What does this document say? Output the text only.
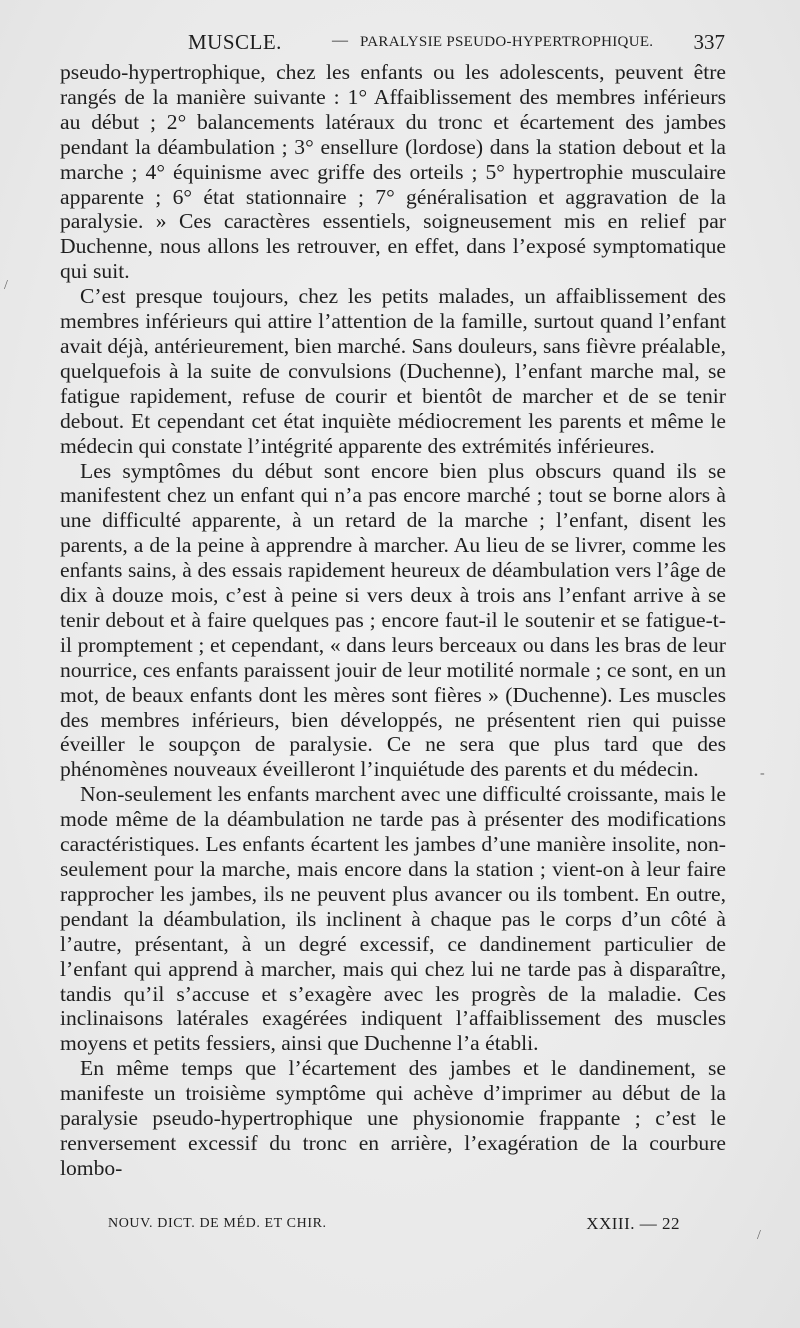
MUSCLE.	— PARALYSIE PSEUDO-HYPERTROPHIQUE. 337

pseudo-hypertrophique, chez les enfants ou les adolescents, peuvent être rangés de la manière suivante : 1° Affaiblissement des membres inférieurs au début ; 2° balancements latéraux du tronc et écartement des jambes pendant la déambulation ; 3° ensellure (lordose) dans la station debout et la marche ; 4° équinisme avec griffe des orteils ; 5° hypertrophie musculaire apparente ; 6° état stationnaire ; 7° généralisation et aggravation de la paralysie. » Ces caractères essentiels, soigneusement mis en relief par Duchenne, nous allons les retrouver, en effet, dans l’exposé symptomatique qui suit.

C’est presque toujours, chez les petits malades, un affaiblissement des membres inférieurs qui attire l’attention de la famille, surtout quand l’enfant avait déjà, antérieurement, bien marché. Sans douleurs, sans fièvre préalable, quelquefois à la suite de convulsions (Duchenne), l’enfant marche mal, se fatigue rapidement, refuse de courir et bientôt de marcher et de se tenir debout. Et cependant cet état inquiète médiocrement les parents et même le médecin qui constate l’intégrité apparente des extrémités inférieures.

Les symptômes du début sont encore bien plus obscurs quand ils se manifestent chez un enfant qui n’a pas encore marché ; tout se borne alors à une difficulté apparente, à un retard de la marche ; l’enfant, disent les parents, a de la peine à apprendre à marcher. Au lieu de se livrer, comme les enfants sains, à des essais rapidement heureux de déambulation vers l’âge de dix à douze mois, c’est à peine si vers deux à trois ans l’enfant arrive à se tenir debout et à faire quelques pas ; encore faut-il le soutenir et se fatigue-t-il promptement ; et cependant, « dans leurs berceaux ou dans les bras de leur nourrice, ces enfants paraissent jouir de leur motilité normale ; ce sont, en un mot, de beaux enfants dont les mères sont fières » (Duchenne). Les muscles des membres inférieurs, bien développés, ne présentent rien qui puisse éveiller le soupçon de paralysie. Ce ne sera que plus tard que des phénomènes nouveaux éveilleront l’inquiétude des parents et du médecin.

Non-seulement les enfants marchent avec une difficulté croissante, mais le mode même de la déambulation ne tarde pas à présenter des modifications caractéristiques. Les enfants écartent les jambes d’une manière insolite, non-seulement pour la marche, mais encore dans la station ; vient-on à leur faire rapprocher les jambes, ils ne peuvent plus avancer ou ils tombent. En outre, pendant la déambulation, ils inclinent à chaque pas le corps d’un côté à l’autre, présentant, à un degré excessif, ce dandinement particulier de l’enfant qui apprend à marcher, mais qui chez lui ne tarde pas à disparaître, tandis qu’il s’accuse et s’exagère avec les progrès de la maladie. Ces inclinaisons latérales exagérées indiquent l’affaiblissement des muscles moyens et petits fessiers, ainsi que Duchenne l’a établi.

En même temps que l’écartement des jambes et le dandinement, se manifeste un troisième symptôme qui achève d’imprimer au début de la paralysie pseudo-hypertrophique une physionomie frappante ; c’est le renversement excessif du tronc en arrière, l’exagération de la courbure lombo-

NOUV. DICT. DE MÉD. ET CHIR.	XXIII. — 22
/
-
/
